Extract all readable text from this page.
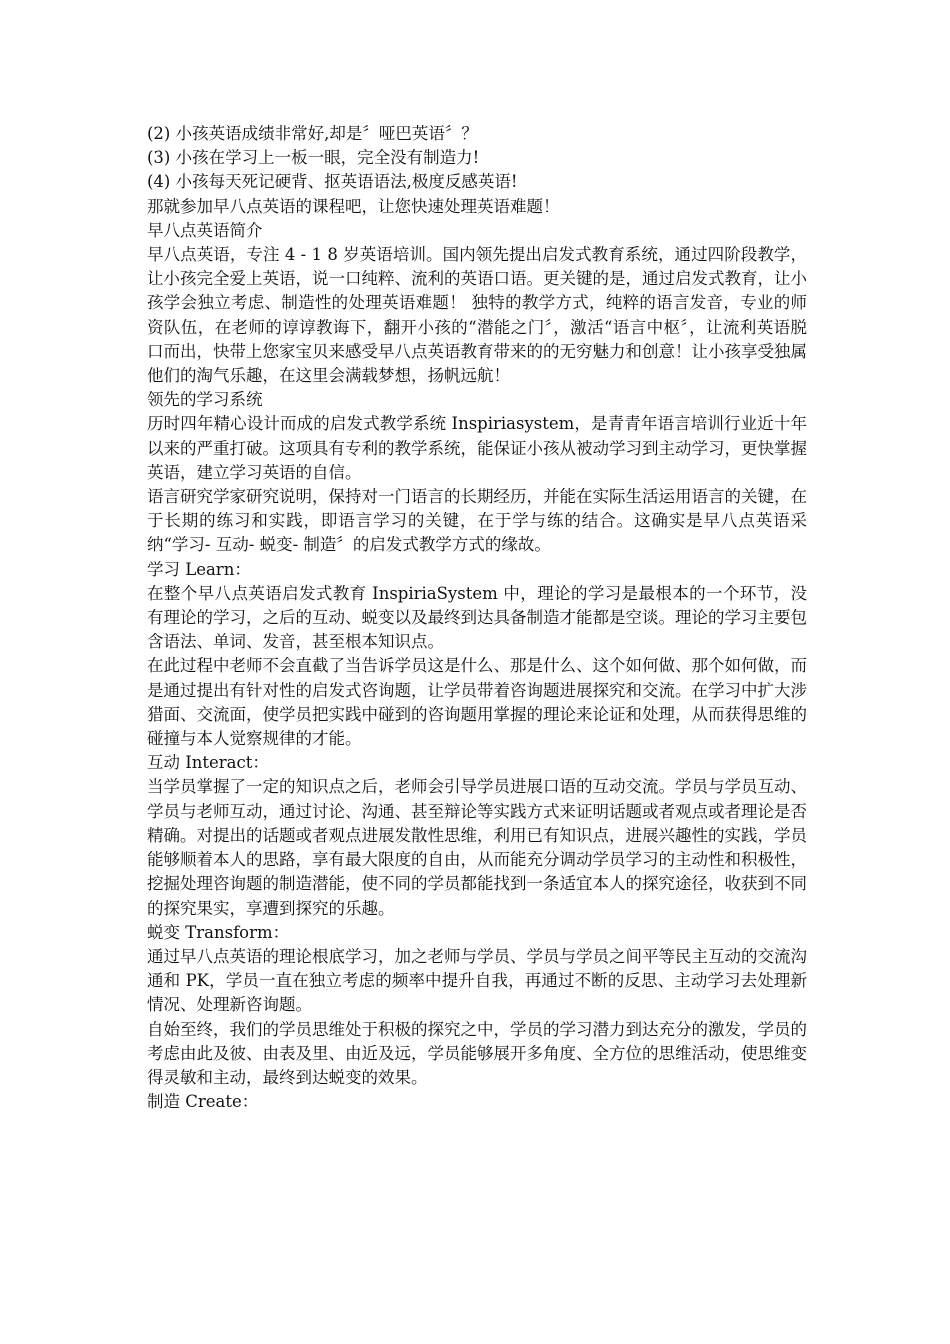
(2) 小孩英语成绩非常好,却是〞哑巴英语〞？

(3) 小孩在学习上一板一眼，完全没有制造力!

(4) 小孩每天死记硬背、抠英语语法,极度反感英语!

那就参加早八点英语的课程吧，让您快速处理英语难题！

早八点英语简介

早八点英语，专注 4 - 1 8 岁英语培训。国内领先提出启发式教育系统，通过四阶段教学，让小孩完全爱上英语，说一口纯粹、流利的英语口语。更关键的是，通过启发式教育，让小孩学会独立考虑、制造性的处理英语难题！ 独特的教学方式，纯粹的语言发音，专业的师资队伍，在老师的谆谆教诲下，翻开小孩的“潜能之门〞，激活“语言中枢〞，让流利英语脱口而出，快带上您家宝贝来感受早八点英语教育带来的的无穷魅力和创意！让小孩享受独属他们的淘气乐趣，在这里会满载梦想，扬帆远航！

领先的学习系统

历时四年精心设计而成的启发式教学系统 Inspiriasystem，是青青年语言培训行业近十年以来的严重打破。这项具有专利的教学系统，能保证小孩从被动学习到主动学习，更快掌握英语，建立学习英语的自信。

语言研究学家研究说明，保持对一门语言的长期经历，并能在实际生活运用语言的关键，在于长期的练习和实践，即语言学习的关键，在于学与练的结合。这确实是早八点英语采纳“学习- 互动- 蜕变- 制造〞的启发式教学方式的缘故。

学习 Learn：

在整个早八点英语启发式教育 InspiriaSystem 中，理论的学习是最根本的一个环节，没有理论的学习，之后的互动、蜕变以及最终到达具备制造才能都是空谈。理论的学习主要包含语法、单词、发音，甚至根本知识点。

在此过程中老师不会直截了当告诉学员这是什么、那是什么、这个如何做、那个如何做，而是通过提出有针对性的启发式咨询题，让学员带着咨询题进展探究和交流。在学习中扩大涉猎面、交流面，使学员把实践中碰到的咨询题用掌握的理论来论证和处理，从而获得思维的碰撞与本人觉察规律的才能。

互动 Interact：

当学员掌握了一定的知识点之后，老师会引导学员进展口语的互动交流。学员与学员互动、学员与老师互动，通过讨论、沟通、甚至辩论等实践方式来证明话题或者观点或者理论是否精确。对提出的话题或者观点进展发散性思维，利用已有知识点，进展兴趣性的实践，学员能够顺着本人的思路，享有最大限度的自由，从而能充分调动学员学习的主动性和积极性，挖掘处理咨询题的制造潜能，使不同的学员都能找到一条适宜本人的探究途径，收获到不同的探究果实，享遭到探究的乐趣。

蜕变 Transform：

通过早八点英语的理论根底学习，加之老师与学员、学员与学员之间平等民主互动的交流沟通和 PK，学员一直在独立考虑的频率中提升自我，再通过不断的反思、主动学习去处理新情况、处理新咨询题。

自始至终，我们的学员思维处于积极的探究之中，学员的学习潜力到达充分的激发，学员的考虑由此及彼、由表及里、由近及远，学员能够展开多角度、全方位的思维活动，使思维变得灵敏和主动，最终到达蜕变的效果。

制造 Create：
